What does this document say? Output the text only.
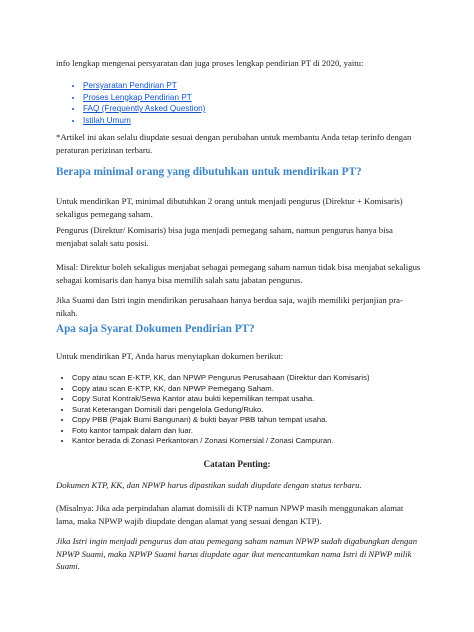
info lengkap mengenai persyaratan dan juga proses lengkap pendirian PT di 2020, yaitu:

• Persyaratan Pendirian PT
• Proses Lengkap Pendirian PT
• FAQ (Frequently Asked Question)
• Istilah Umum

*Artikel ini akan selalu diupdate sesuai dengan perubahan untuk membantu Anda tetap terinfo dengan peraturan perizinan terbaru.

Berapa minimal orang yang dibutuhkan untuk mendirikan PT?

Untuk mendirikan PT, minimal dibutuhkan 2 orang untuk menjadi pengurus (Direktur + Komisaris) sekaligus pemegang saham.

Pengurus (Direktur/ Komisaris) bisa juga menjadi pemegang saham, namun pengurus hanya bisa menjabat salah satu posisi.

Misal: Direktur boleh sekaligus menjabat sebagai pemegang saham namun tidak bisa menjabat sekaligus sebagai komisaris dan hanya bisa memilih salah satu jabatan pengurus.

Jika Suami dan Istri ingin mendirikan perusahaan hanya berdua saja, wajib memiliki perjanjian pra-nikah.

Apa saja Syarat Dokumen Pendirian PT?

Untuk mendirikan PT, Anda harus menyiapkan dokumen berikut:

• Copy atau scan E-KTP, KK, dan NPWP Pengurus Perusahaan (Direktur dan Komisaris)
• Copy atau scan E-KTP, KK, dan NPWP Pemegang Saham.
• Copy Surat Kontrak/Sewa Kantor atau bukti kepemilikan tempat usaha.
• Surat Keterangan Domisili dari pengelola Gedung/Ruko.
• Copy PBB (Pajak Bumi Bangunan) & bukti bayar PBB tahun tempat usaha.
• Foto kantor tampak dalam dan luar.
• Kantor berada di Zonasi Perkantoran / Zonasi Komersial / Zonasi Campuran.

Catatan Penting:

Dokumen KTP, KK, dan NPWP harus dipastikan sudah diupdate dengan status terbaru.

(Misalnya: Jika ada perpindahan alamat domisili di KTP namun NPWP masih menggunakan alamat lama, maka NPWP wajib diupdate dengan alamat yang sesuai dengan KTP).

Jika Istri ingin menjadi pengurus dan atau pemegang saham namun NPWP sudah digabungkan dengan NPWP Suami, maka NPWP Suami harus diupdate agar ikut mencantumkan nama Istri di NPWP milik Suami.
